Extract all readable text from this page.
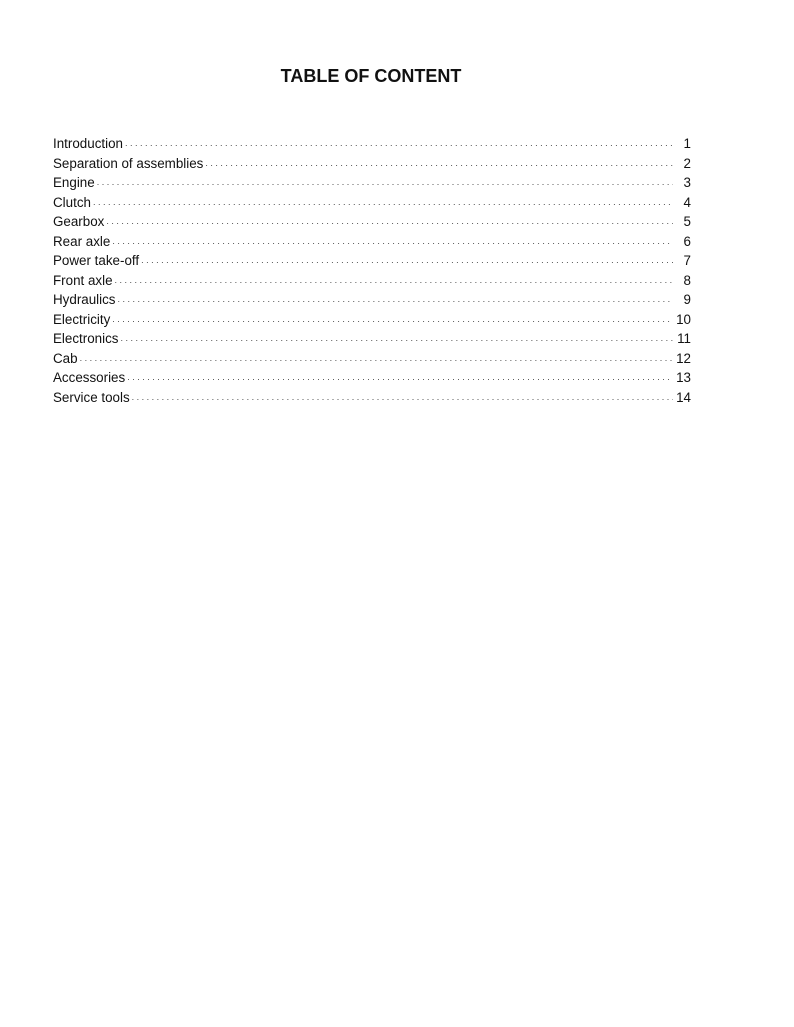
TABLE OF CONTENT
Introduction . . .	1
Separation of assemblies . . .	2
Engine . . .	3
Clutch . . .	4
Gearbox . . .	5
Rear axle . . .	6
Power take-off . . .	7
Front axle . . .	8
Hydraulics . . .	9
Electricity . . .	10
Electronics . . .	11
Cab . . .	12
Accessories . . .	13
Service tools . . .	14
